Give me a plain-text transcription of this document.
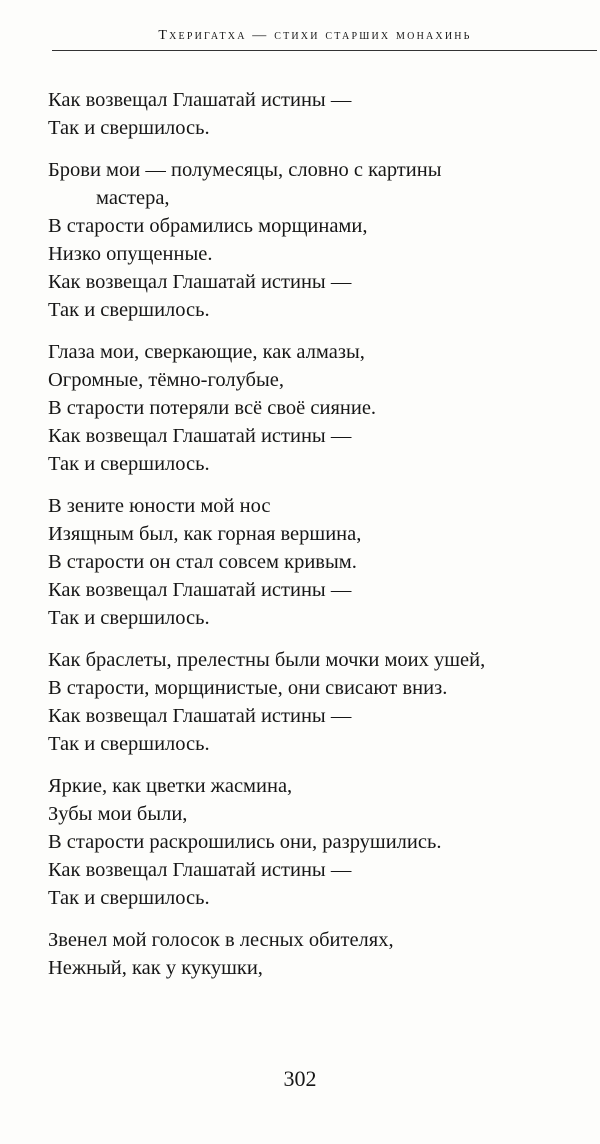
Тхеригатха — стихи старших монахинь
Как возвещал Глашатай истины —
Так и свершилось.
Брови мои — полумесяцы, словно с картины
мастера,
В старости обрамились морщинами,
Низко опущенные.
Как возвещал Глашатай истины —
Так и свершилось.
Глаза мои, сверкающие, как алмазы,
Огромные, тёмно-голубые,
В старости потеряли всё своё сияние.
Как возвещал Глашатай истины —
Так и свершилось.
В зените юности мой нос
Изящным был, как горная вершина,
В старости он стал совсем кривым.
Как возвещал Глашатай истины —
Так и свершилось.
Как браслеты, прелестны были мочки моих ушей,
В старости, морщинистые, они свисают вниз.
Как возвещал Глашатай истины —
Так и свершилось.
Яркие, как цветки жасмина,
Зубы мои были,
В старости раскрошились они, разрушились.
Как возвещал Глашатай истины —
Так и свершилось.
Звенел мой голосок в лесных обителях,
Нежный, как у кукушки,
302
